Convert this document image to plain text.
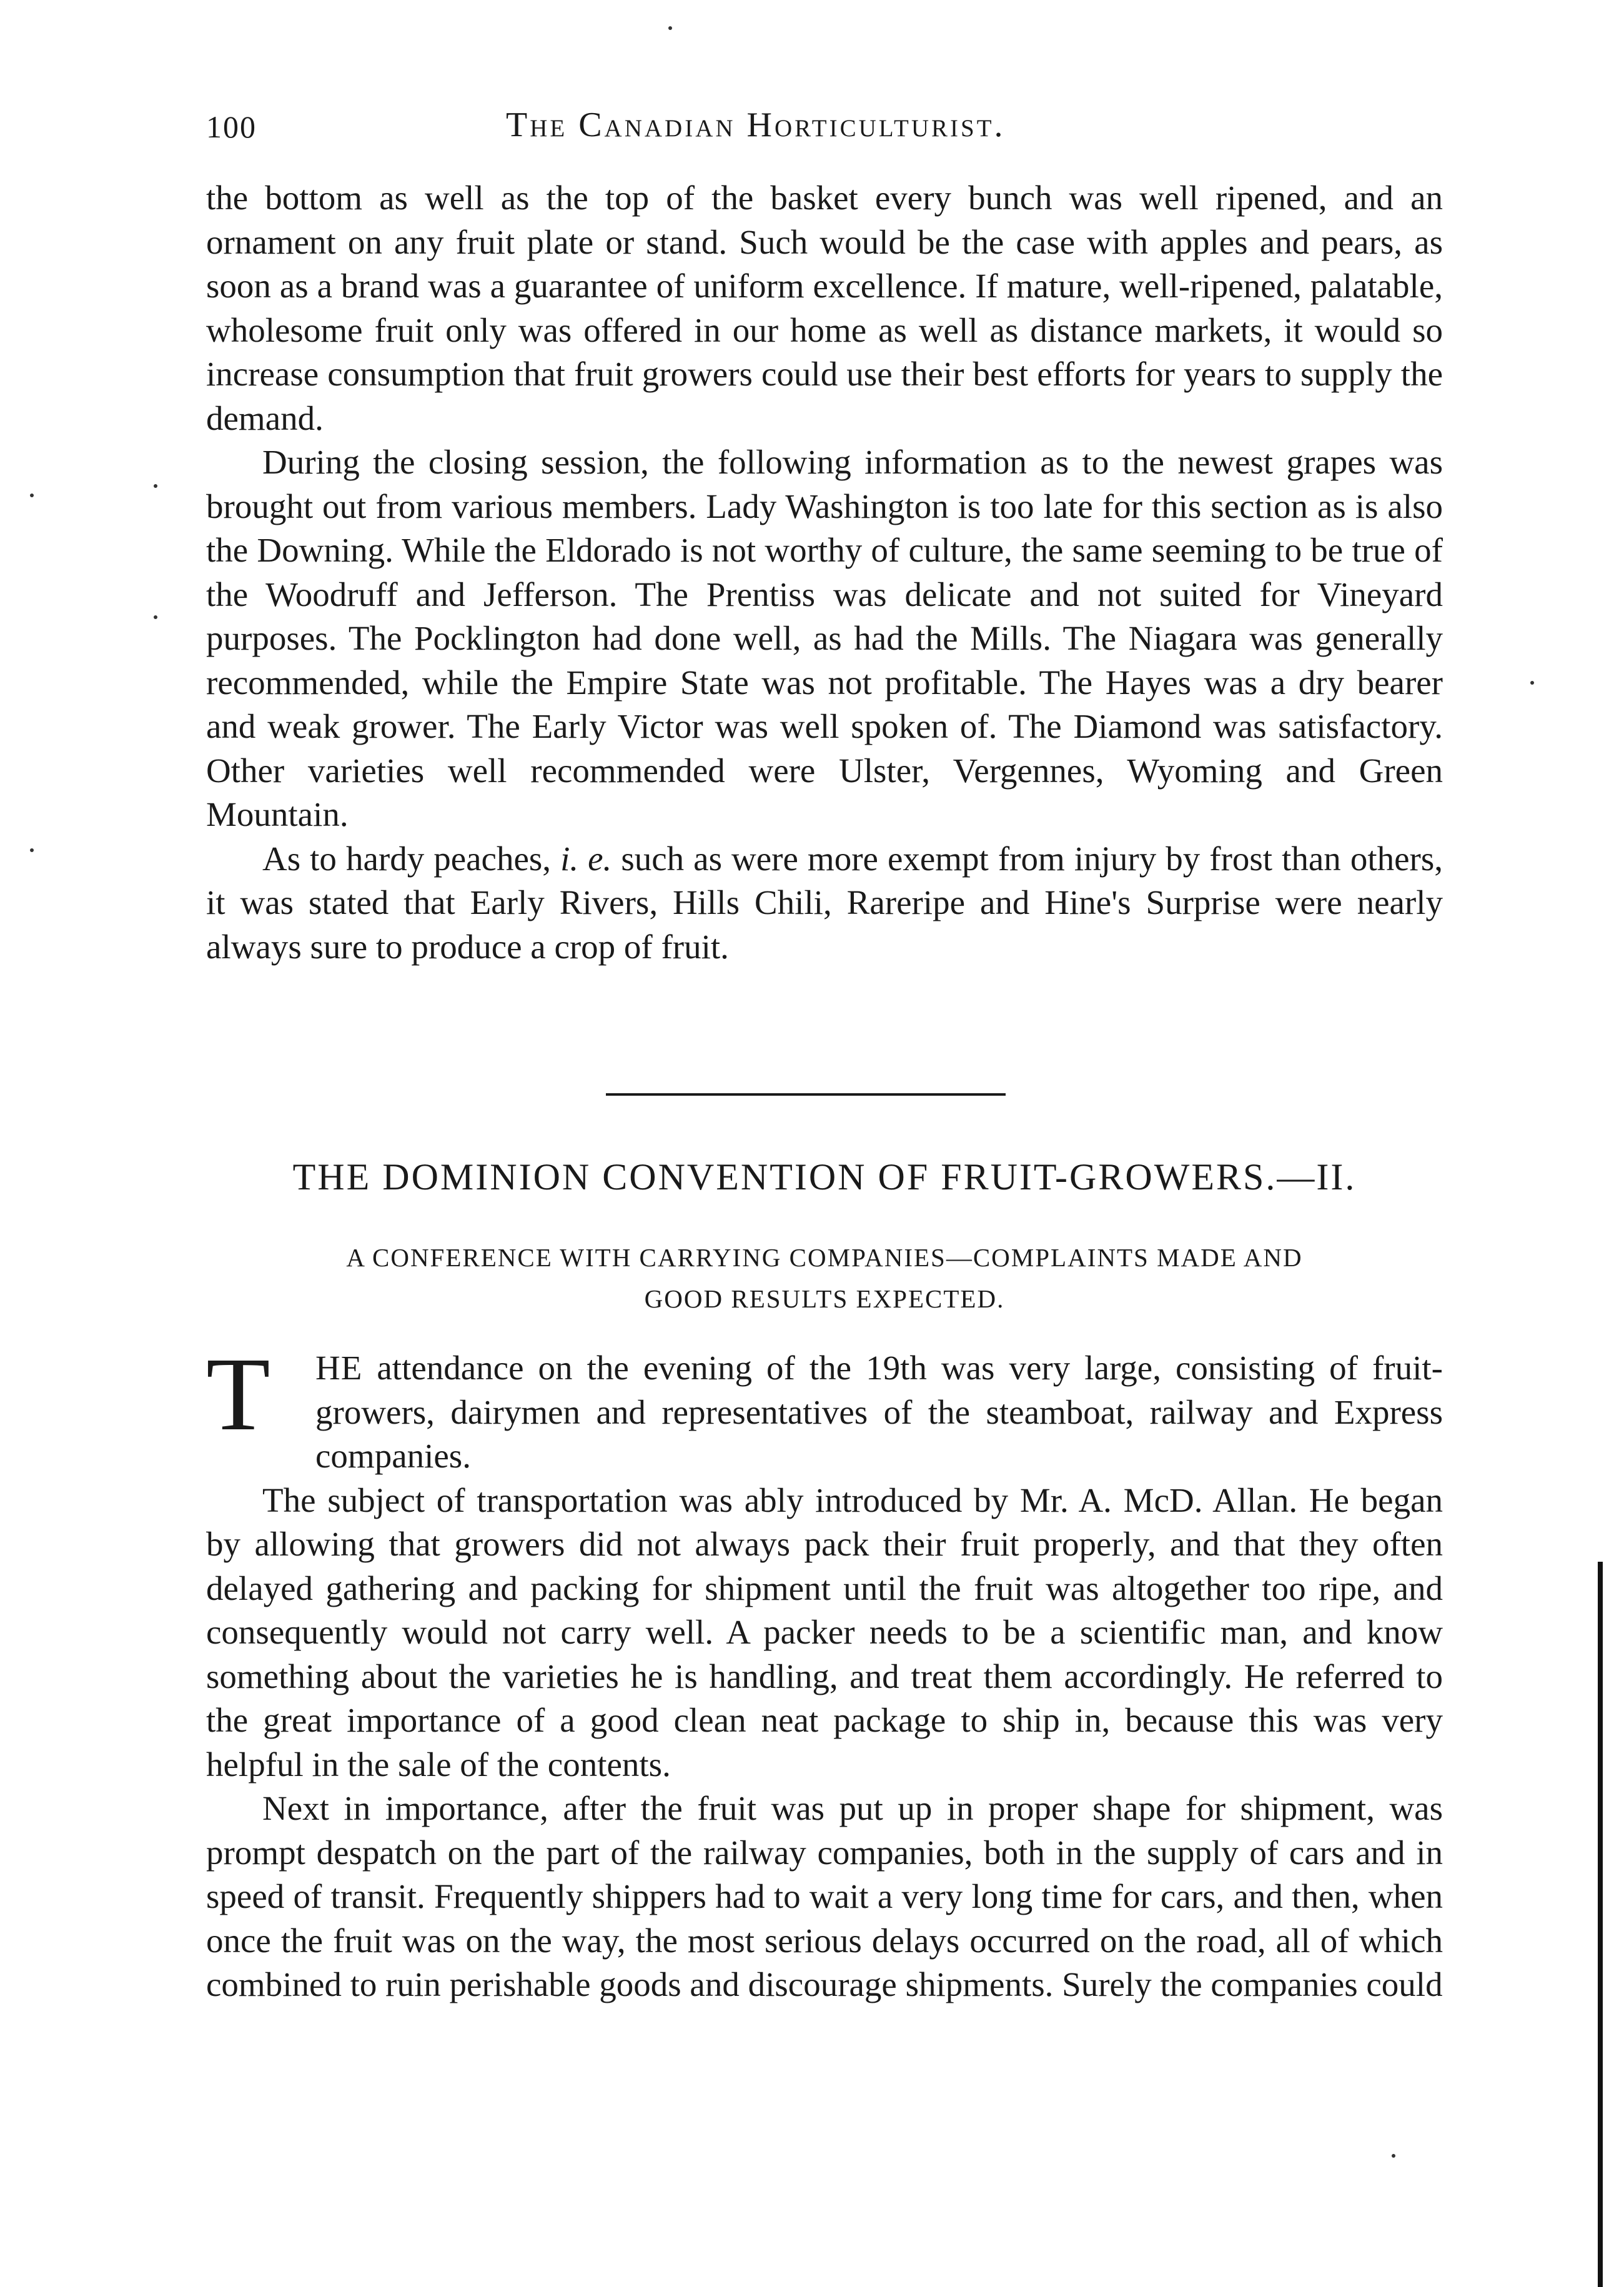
100	The Canadian Horticulturist.

the bottom as well as the top of the basket every bunch was well ripened, and an ornament on any fruit plate or stand. Such would be the case with apples and pears, as soon as a brand was a guarantee of uniform excellence. If mature, well-ripened, palatable, wholesome fruit only was offered in our home as well as distance markets, it would so increase consumption that fruit growers could use their best efforts for years to supply the demand.

During the closing session, the following information as to the newest grapes was brought out from various members. Lady Washington is too late for this section as is also the Downing. While the Eldorado is not worthy of culture, the same seeming to be true of the Woodruff and Jefferson. The Prentiss was delicate and not suited for Vineyard purposes. The Pocklington had done well, as had the Mills. The Niagara was generally recommended, while the Empire State was not profitable. The Hayes was a dry bearer and weak grower. The Early Victor was well spoken of. The Diamond was satisfactory. Other varieties well recommended were Ulster, Vergennes, Wyoming and Green Mountain.

As to hardy peaches, i. e. such as were more exempt from injury by frost than others, it was stated that Early Rivers, Hills Chili, Rareripe and Hine's Surprise were nearly always sure to produce a crop of fruit.

THE DOMINION CONVENTION OF FRUIT-GROWERS.—II.
A CONFERENCE WITH CARRYING COMPANIES—COMPLAINTS MADE AND
GOOD RESULTS EXPECTED.

T HE attendance on the evening of the 19th was very large, consisting of fruit-growers, dairymen and representatives of the steamboat, railway and Express companies.

The subject of transportation was ably introduced by Mr. A. McD. Allan. He began by allowing that growers did not always pack their fruit properly, and that they often delayed gathering and packing for shipment until the fruit was altogether too ripe, and consequently would not carry well. A packer needs to be a scientific man, and know something about the varieties he is handling, and treat them accordingly. He referred to the great importance of a good clean neat package to ship in, because this was very helpful in the sale of the contents.

Next in importance, after the fruit was put up in proper shape for shipment, was prompt despatch on the part of the railway companies, both in the supply of cars and in speed of transit. Frequently shippers had to wait a very long time for cars, and then, when once the fruit was on the way, the most serious delays occurred on the road, all of which combined to ruin perishable goods and discourage shipments. Surely the companies could
